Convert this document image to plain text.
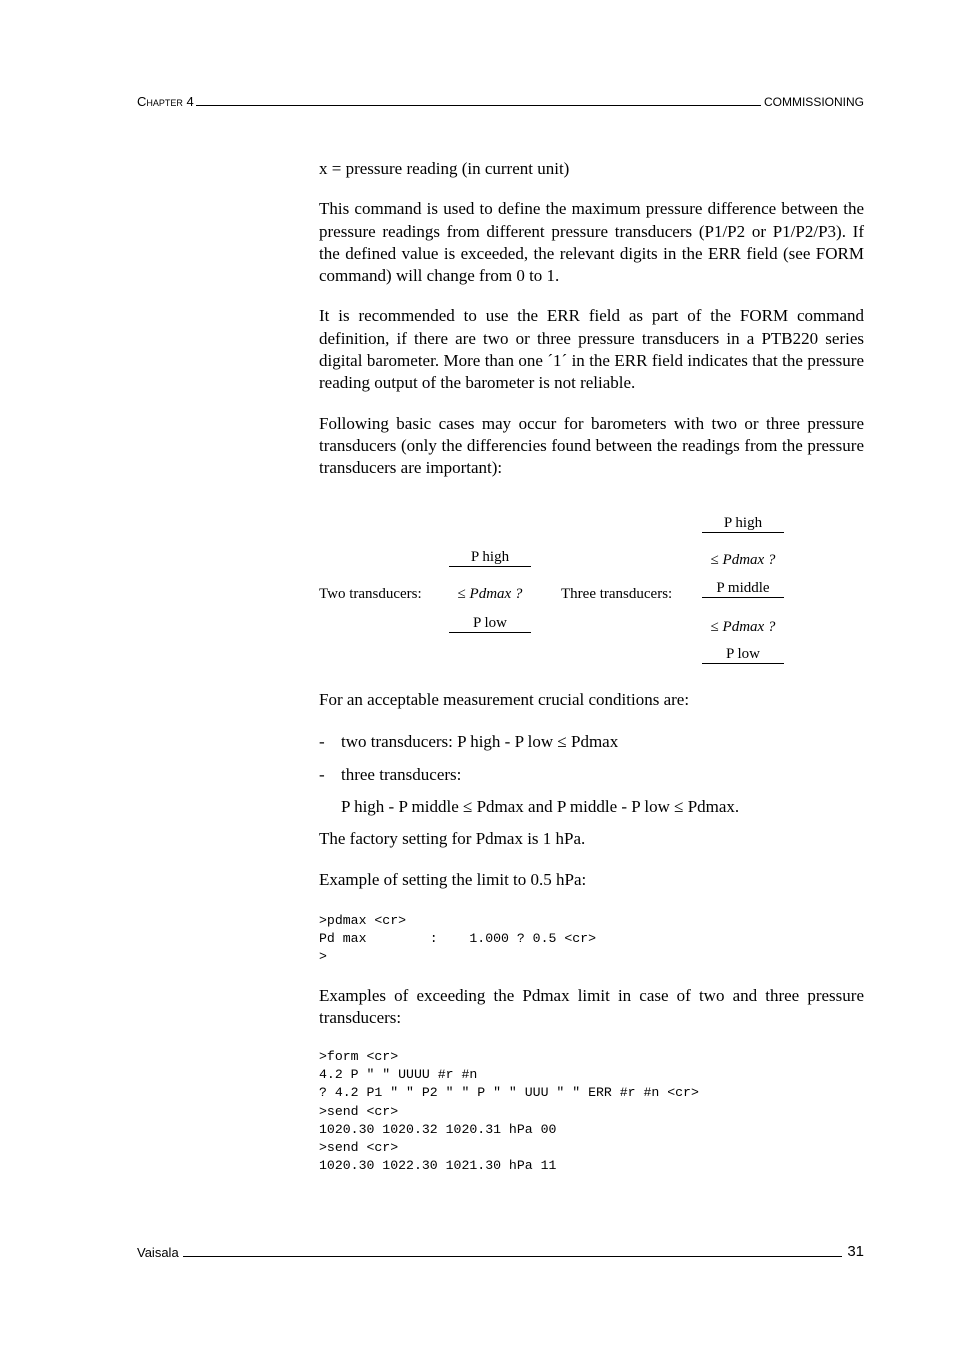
Chapter 4	COMMISSIONING

x = pressure reading (in current unit)

This command is used to define the maximum pressure difference between the pressure readings from different pressure transducers (P1/P2 or P1/P2/P3). If the defined value is exceeded, the relevant digits in the ERR field (see FORM command) will change from 0 to 1.

It is recommended to use the ERR field as part of the FORM command definition, if there are two or three pressure transducers in a PTB220 series digital barometer. More than one ´1´ in the ERR field indicates that the pressure reading output of the barometer is not reliable.

Following basic cases may occur for barometers with two or three pressure transducers (only the differencies found between the readings from the pressure transducers are important):

Two transducers:
P high
≤ Pdmax ?
P low
Three transducers:
P high
≤ Pdmax ?
P middle
≤ Pdmax ?
P low

For an acceptable measurement crucial conditions are:

- two transducers: P high - P low ≤ Pdmax
- three transducers:
P high - P middle ≤ Pdmax and P middle - P low ≤ Pdmax.

The factory setting for Pdmax is 1 hPa.

Example of setting the limit to 0.5 hPa:

>pdmax <cr>
Pd max        :    1.000 ? 0.5 <cr>
>

Examples of exceeding the Pdmax limit in case of two and three pressure transducers:

>form <cr>
4.2 P " " UUUU #r #n
? 4.2 P1 " " P2 " " P " " UUU " " ERR #r #n <cr>
>send <cr>
1020.30 1020.32 1020.31 hPa 00
>send <cr>
1020.30 1022.30 1021.30 hPa 11
Vaisala	31
